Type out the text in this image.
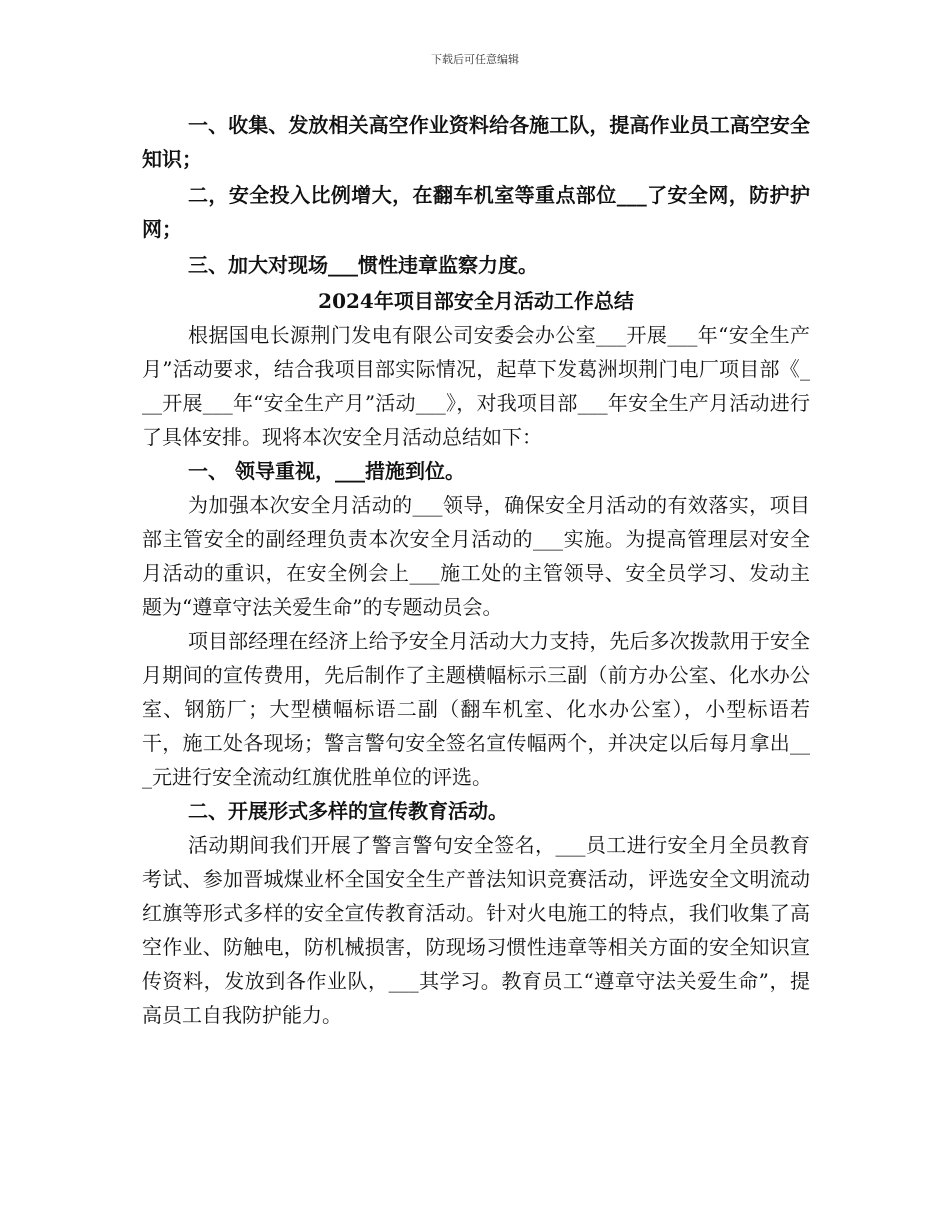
下载后可任意编辑

一、收集、发放相关高空作业资料给各施工队，提高作业员工高空安全知识；

二，安全投入比例增大，在翻车机室等重点部位___了安全网，防护护网；

三、加大对现场___惯性违章监察力度。

2024年项目部安全月活动工作总结

根据国电长源荆门发电有限公司安委会办公室___开展___年“安全生产月”活动要求，结合我项目部实际情况，起草下发葛洲坝荆门电厂项目部《___开展___年“安全生产月”活动___》，对我项目部___年安全生产月活动进行了具体安排。现将本次安全月活动总结如下：

一、 领导重视，___措施到位。

为加强本次安全月活动的___领导，确保安全月活动的有效落实，项目部主管安全的副经理负责本次安全月活动的___实施。为提高管理层对安全月活动的重识，在安全例会上___施工处的主管领导、安全员学习、发动主题为“遵章守法关爱生命”的专题动员会。

项目部经理在经济上给予安全月活动大力支持，先后多次拨款用于安全月期间的宣传费用，先后制作了主题横幅标示三副（前方办公室、化水办公室、钢筋厂；大型横幅标语二副（翻车机室、化水办公室），小型标语若干，施工处各现场；警言警句安全签名宣传幅两个，并决定以后每月拿出___元进行安全流动红旗优胜单位的评选。

二、开展形式多样的宣传教育活动。

活动期间我们开展了警言警句安全签名，___员工进行安全月全员教育考试、参加晋城煤业杯全国安全生产普法知识竞赛活动，评选安全文明流动红旗等形式多样的安全宣传教育活动。针对火电施工的特点，我们收集了高空作业、防触电，防机械损害，防现场习惯性违章等相关方面的安全知识宣传资料，发放到各作业队，___其学习。教育员工“遵章守法关爱生命”，提高员工自我防护能力。
